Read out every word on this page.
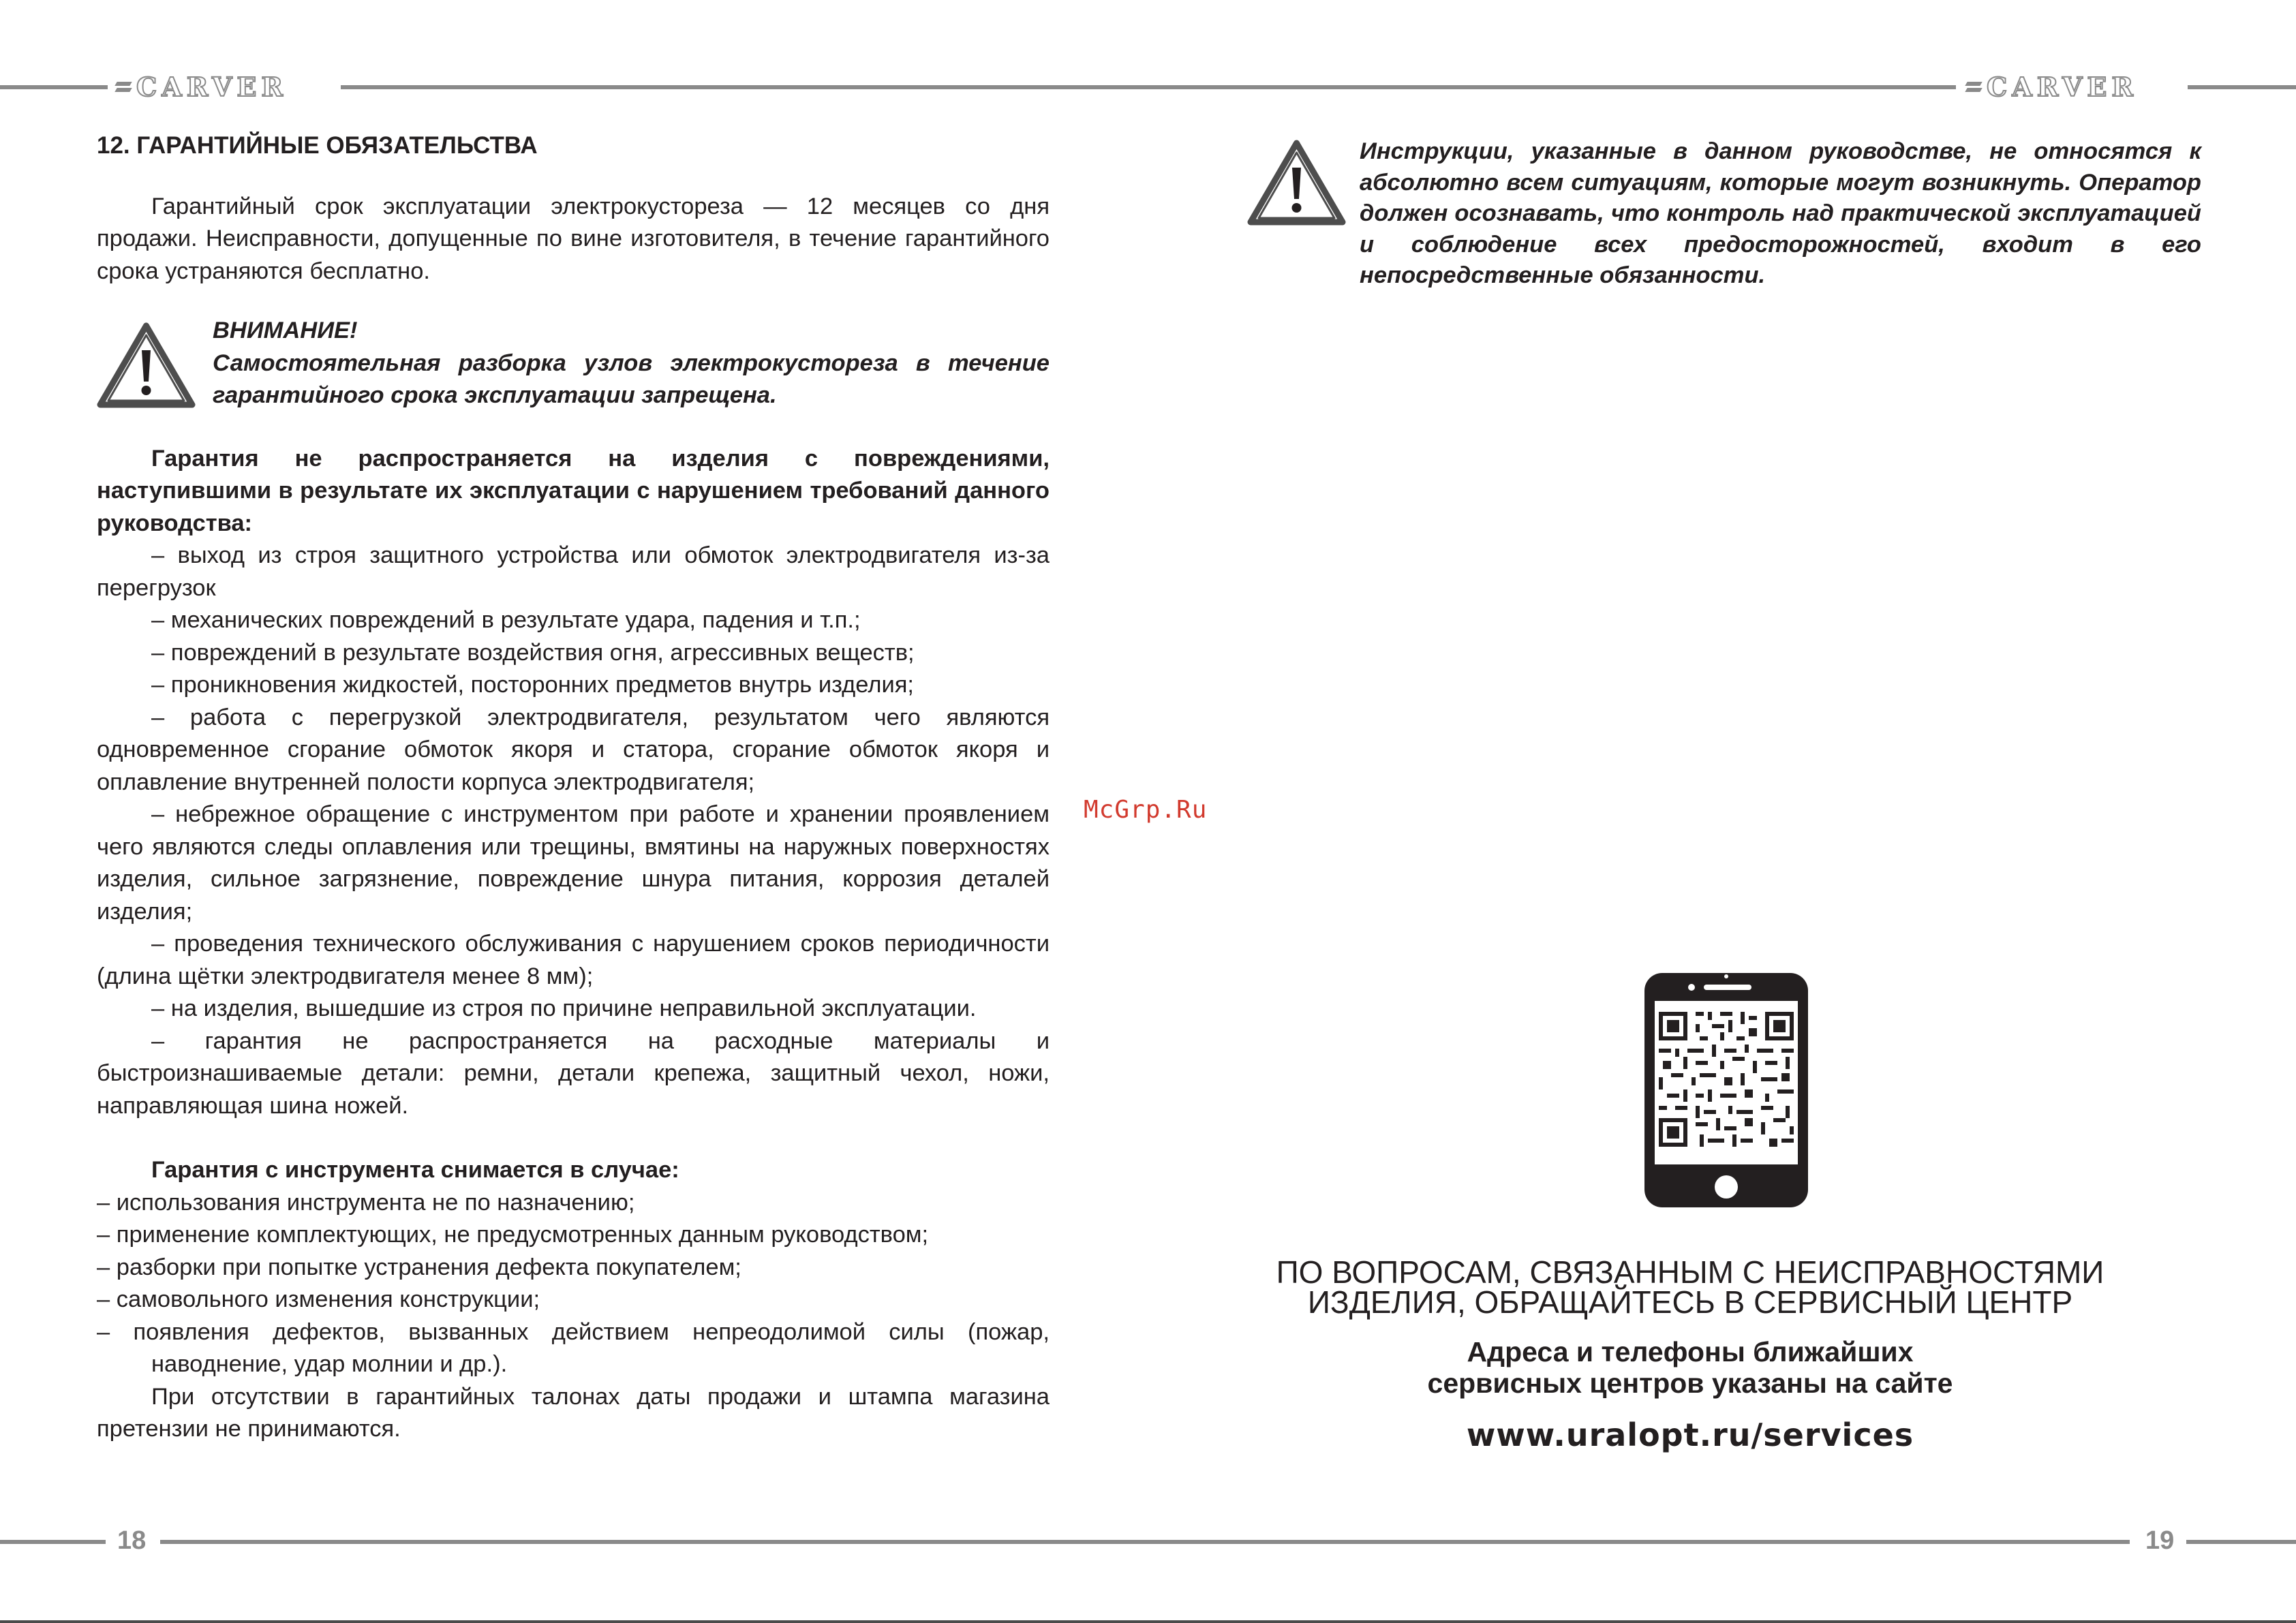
CARVER	CARVER
18	19

12. ГАРАНТИЙНЫЕ ОБЯЗАТЕЛЬСТВА

Гарантийный срок эксплуатации электрокустореза — 12 месяцев со дня продажи. Неисправности, допущенные по вине изготовителя, в течение гарантийного срока устраняются бесплатно.

ВНИМАНИЕ!

Самостоятельная разборка узлов электрокустореза в течение гарантийного срока эксплуатации запрещена.

Гарантия не распространяется на изделия с повреждениями, наступившими в результате их эксплуатации с нарушением требований данного руководства:

– выход из строя защитного устройства или обмоток электродвигателя из-за перегрузок

– механических повреждений в результате удара, падения и т.п.;

– повреждений в результате воздействия огня, агрессивных веществ;

– проникновения жидкостей, посторонних предметов внутрь изделия;

– работа с перегрузкой электродвигателя, результатом чего являются одновременное сгорание обмоток якоря и статора, сгорание обмоток якоря и оплавление внутренней полости корпуса электродвигателя;

– небрежное обращение с инструментом при работе и хранении проявлением чего являются следы оплавления или трещины, вмятины на наружных поверхностях изделия, сильное загрязнение, повреждение шнура питания, коррозия деталей изделия;

– проведения технического обслуживания с нарушением сроков периодичности (длина щётки электродвигателя менее 8 мм);

– на изделия, вышедшие из строя по причине неправильной эксплуатации.

– гарантия не распространяется на расходные материалы и быстроизнашиваемые детали: ремни, детали крепежа, защитный чехол, ножи, направляющая шина ножей.

Гарантия с инструмента снимается в случае:

– использования инструмента не по назначению;

– применение комплектующих, не предусмотренных данным руководством;

– разборки при попытке устранения дефекта покупателем;

– самовольного изменения конструкции;

– появления дефектов, вызванных действием непреодолимой силы (пожар, наводнение, удар молнии и др.).

При отсутствии в гарантийных талонах даты продажи и штампа магазина претензии не принимаются.

Инструкции, указанные в данном руководстве, не относятся к абсолютно всем ситуациям, которые могут возникнуть. Оператор должен осознавать, что контроль над практической эксплуатацией и соблюдение всех предосторожностей, входит в его непосредственные обязанности.
McGrp.Ru
ПО ВОПРОСАМ, СВЯЗАННЫМ С НЕИСПРАВНОСТЯМИ
ИЗДЕЛИЯ, ОБРАЩАЙТЕСЬ В СЕРВИСНЫЙ ЦЕНТР
Адреса и телефоны ближайших
сервисных центров указаны на сайте
www.uralopt.ru/services
